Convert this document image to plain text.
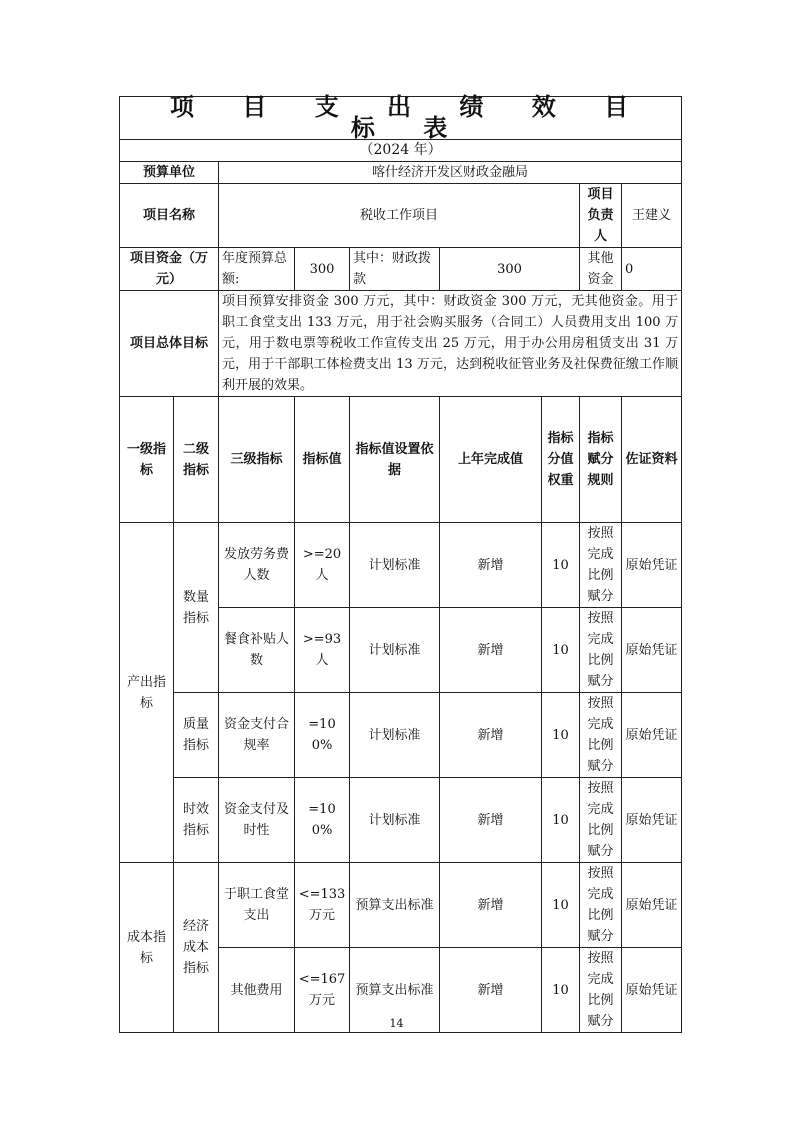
项 目 支 出 绩 效 目 标 表								
（2024 年）								
预算单位		喀什经济开发区财政金融局						
项目名称		税收工作项目					项目负责人	王建义
项目资金（万元）		年度预算总额:	300	其中：财政拨款	300		其他资金	0
项目总体目标		项目预算安排资金 300 万元，其中：财政资金 300 万元，无其他资金。用于职工食堂支出 133 万元，用于社会购买服务（合同工）人员费用支出 100 万元，用于数电票等税收工作宣传支出 25 万元，用于办公用房租赁支出 31 万元，用于干部职工体检费支出 13 万元，达到税收征管业务及社保费征缴工作顺利开展的效果。						
一级指标	二级指标	三级指标	指标值	指标值设置依据	上年完成值	指标分值权重	指标赋分规则	佐证资料
产出指标	数量指标	发放劳务费人数	>=20人	计划标准	新增	10	按照完成比例赋分	原始凭证
		餐食补贴人数	>=93人	计划标准	新增	10	按照完成比例赋分	原始凭证
	质量指标	资金支付合规率	=100%	计划标准	新增	10	按照完成比例赋分	原始凭证
	时效指标	资金支付及时性	=100%	计划标准	新增	10	按照完成比例赋分	原始凭证
成本指标	经济成本指标	于职工食堂支出	<=133万元	预算支出标准	新增	10	按照完成比例赋分	原始凭证
		其他费用	<=167万元	预算支出标准	新增	10	按照完成比例赋分	原始凭证
14
